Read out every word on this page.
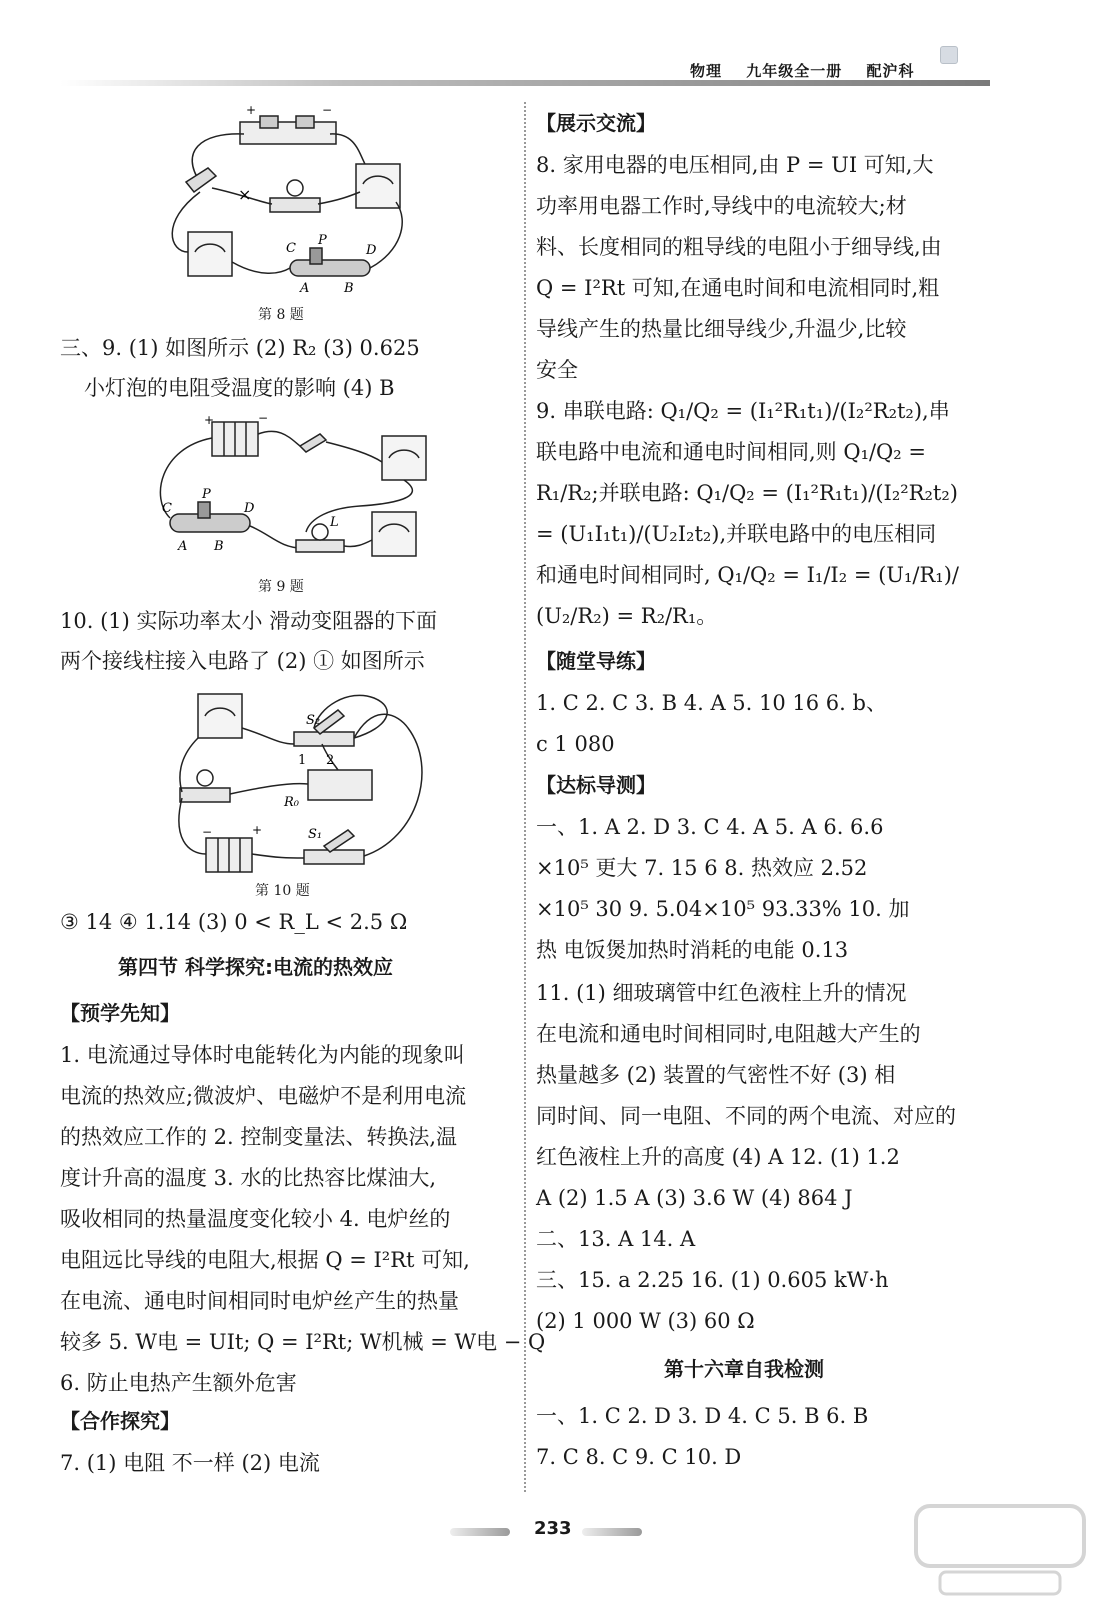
物理 九年级全一册 配沪科
+	−
×
C
P
D
A	B
第 8 题
三、9. (1) 如图所示 (2) R₂ (3) 0.625
小灯泡的电阻受温度的影响 (4) B
+	−
C
P
D
A B
L
第 9 题
10. (1) 实际功率太小 滑动变阻器的下面
两个接线柱接入电路了 (2) ① 如图所示
S₂
1 2
R₀
S₁
−	+
第 10 题
③ 14 ④ 1.14 (3) 0 < R_L < 2.5 Ω
第四节 科学探究:电流的热效应
【预学先知】
1. 电流通过导体时电能转化为内能的现象叫
电流的热效应;微波炉、电磁炉不是利用电流
的热效应工作的 2. 控制变量法、转换法,温
度计升高的温度 3. 水的比热容比煤油大,
吸收相同的热量温度变化较小 4. 电炉丝的
电阻远比导线的电阻大,根据 Q = I²Rt 可知,
在电流、通电时间相同时电炉丝产生的热量
较多 5. W电 = UIt; Q = I²Rt; W机械 = W电 − Q
6. 防止电热产生额外危害
【合作探究】
7. (1) 电阻 不一样 (2) 电流
【展示交流】
8. 家用电器的电压相同,由 P = UI 可知,大
功率用电器工作时,导线中的电流较大;材
料、长度相同的粗导线的电阻小于细导线,由
Q = I²Rt 可知,在通电时间和电流相同时,粗
导线产生的热量比细导线少,升温少,比较
安全
9. 串联电路: Q₁/Q₂ = (I₁²R₁t₁)/(I₂²R₂t₂),串
联电路中电流和通电时间相同,则 Q₁/Q₂ =
R₁/R₂;并联电路: Q₁/Q₂ = (I₁²R₁t₁)/(I₂²R₂t₂)
= (U₁I₁t₁)/(U₂I₂t₂),并联电路中的电压相同
和通电时间相同时, Q₁/Q₂ = I₁/I₂ = (U₁/R₁)/
(U₂/R₂) = R₂/R₁。
【随堂导练】
1. C 2. C 3. B 4. A 5. 10 16 6. b、
c 1 080
【达标导测】
一、1. A 2. D 3. C 4. A 5. A 6. 6.6
×10⁵ 更大 7. 15 6 8. 热效应 2.52
×10⁵ 30 9. 5.04×10⁵ 93.33% 10. 加
热 电饭煲加热时消耗的电能 0.13
11. (1) 细玻璃管中红色液柱上升的情况
在电流和通电时间相同时,电阻越大产生的
热量越多 (2) 装置的气密性不好 (3) 相
同时间、同一电阻、不同的两个电流、对应的
红色液柱上升的高度 (4) A 12. (1) 1.2
A (2) 1.5 A (3) 3.6 W (4) 864 J
二、13. A 14. A
三、15. a 2.25 16. (1) 0.605 kW·h
(2) 1 000 W (3) 60 Ω
第十六章自我检测
一、1. C 2. D 3. D 4. C 5. B 6. B
7. C 8. C 9. C 10. D
233
